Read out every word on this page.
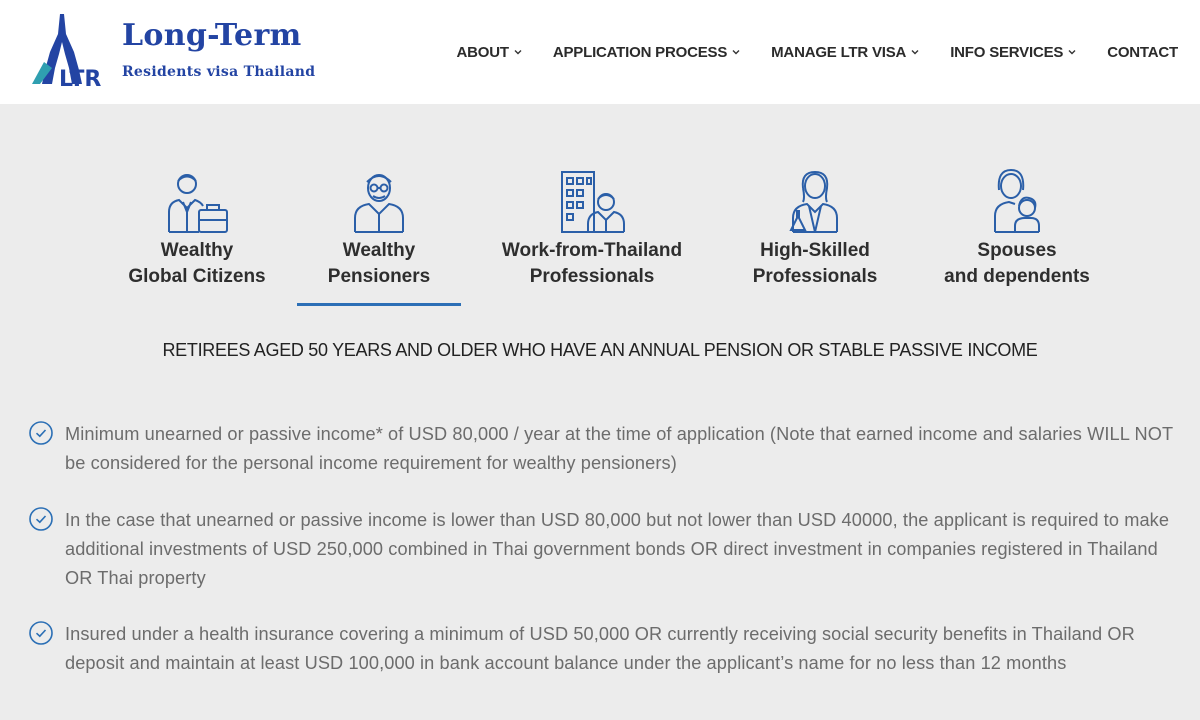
LTR
Long-Term
Residents visa Thailand
ABOUT	APPLICATION PROCESS	MANAGE LTR VISA	INFO SERVICES	CONTACT
Wealthy
Global Citizens
Wealthy
Pensioners
Work-from-Thailand
Professionals
High-Skilled
Professionals
Spouses
and dependents
RETIREES AGED 50 YEARS AND OLDER WHO HAVE AN ANNUAL PENSION OR STABLE PASSIVE INCOME
Minimum unearned or passive income* of USD 80,000 / year at the time of application (Note that earned income and salaries WILL NOT be considered for the personal income requirement for wealthy pensioners)
In the case that unearned or passive income is lower than USD 80,000 but not lower than USD 40000, the applicant is required to make additional investments of USD 250,000 combined in Thai government bonds OR direct investment in companies registered in Thailand OR Thai property
Insured under a health insurance covering a minimum of USD 50,000 OR currently receiving social security benefits in Thailand OR deposit and maintain at least USD 100,000 in bank account balance under the applicant’s name for no less than 12 months
